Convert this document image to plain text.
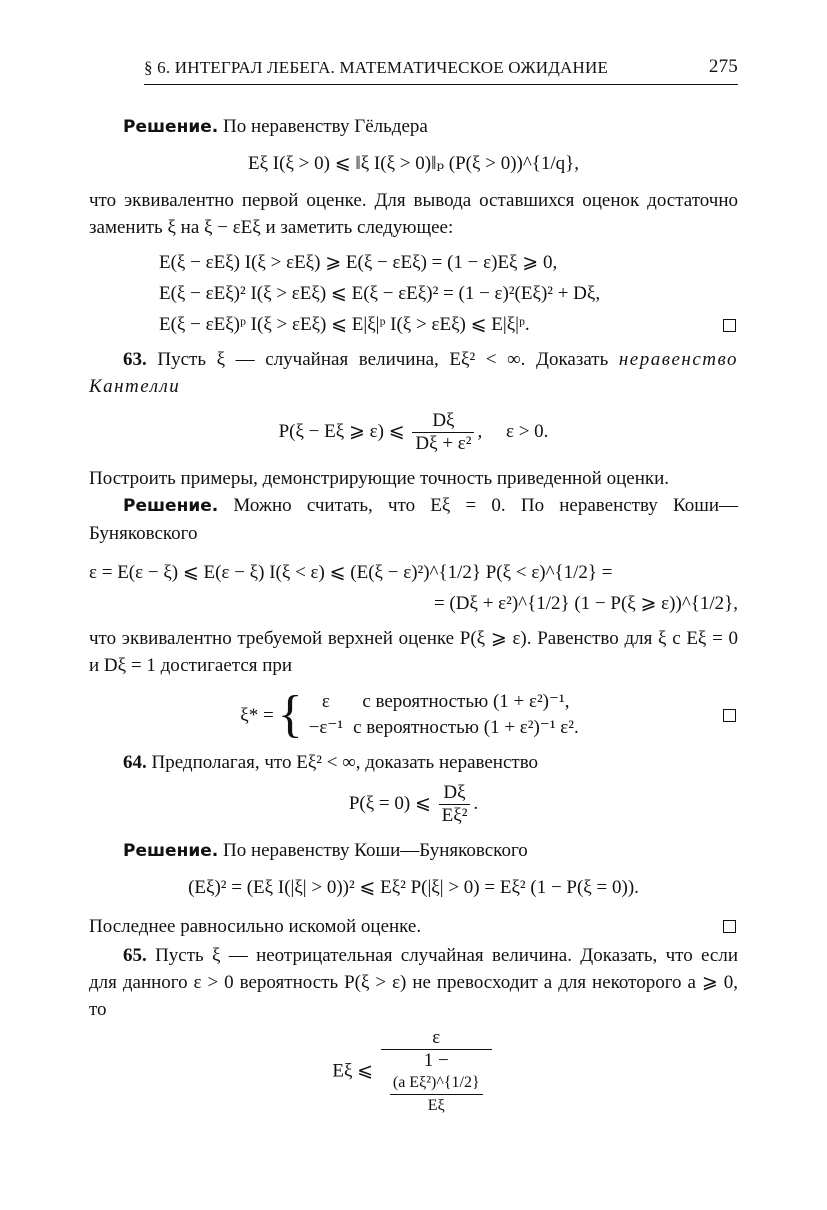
§ 6. ИНТЕГРАЛ ЛЕБЕГА. МАТЕМАТИЧЕСКОЕ ОЖИДАНИЕ	275

Решение. По неравенству Гёльдера

Eξ I(ξ > 0) ⩽ ‖ξ I(ξ > 0)‖ₚ (P(ξ > 0))^{1/q},

что эквивалентно первой оценке. Для вывода оставшихся оценок достаточно заменить ξ на ξ − εEξ и заметить следующее:

E(ξ − εEξ) I(ξ > εEξ) ⩾ E(ξ − εEξ) = (1 − ε)Eξ ⩾ 0,
E(ξ − εEξ)² I(ξ > εEξ) ⩽ E(ξ − εEξ)² = (1 − ε)²(Eξ)² + Dξ,
E(ξ − εEξ)ᵖ I(ξ > εEξ) ⩽ E|ξ|ᵖ I(ξ > εEξ) ⩽ E|ξ|ᵖ.

63. Пусть ξ — случайная величина, Eξ² < ∞. Доказать неравенство Кантелли

P(ξ − Eξ ⩾ ε) ⩽ $\frac{D\xi}{\text{Dξ + ε²}}$ ,     ε > 0.

Построить примеры, демонстрирующие точность приведенной оценки.

Решение. Можно считать, что Eξ = 0. По неравенству Коши—Буняковского

ε = E(ε − ξ) ⩽ E(ε − ξ) I(ξ < ε) ⩽ (E(ξ − ε)²)^{1/2} P(ξ < ε)^{1/2} =
= (Dξ + ε²)^{1/2} (1 − P(ξ ⩾ ε))^{1/2},

что эквивалентно требуемой верхней оценке P(ξ ⩾ ε). Равенство для ξ с Eξ = 0 и Dξ = 1 достигается при

ξ* = { ε	с вероятностью (1 + ε²)⁻¹,
−ε⁻¹	с вероятностью (1 + ε²)⁻¹ ε².

64. Предполагая, что Eξ² < ∞, доказать неравенство

P(ξ = 0) ⩽ $\frac{D\xi}{\text{Eξ²}}$ .

Решение. По неравенству Коши—Буняковского

(Eξ)² = (Eξ I(|ξ| > 0))² ⩽ Eξ² P(|ξ| > 0) = Eξ² (1 − P(ξ = 0)).
Последнее равносильно искомой оценке.

65. Пусть ξ — неотрицательная случайная величина. Доказать, что если для данного ε > 0 вероятность P(ξ > ε) не превосходит a для некоторого a ⩾ 0, то

Eξ ⩽ ε
1 −
(a Eξ²)^{1/2}
Eξ
